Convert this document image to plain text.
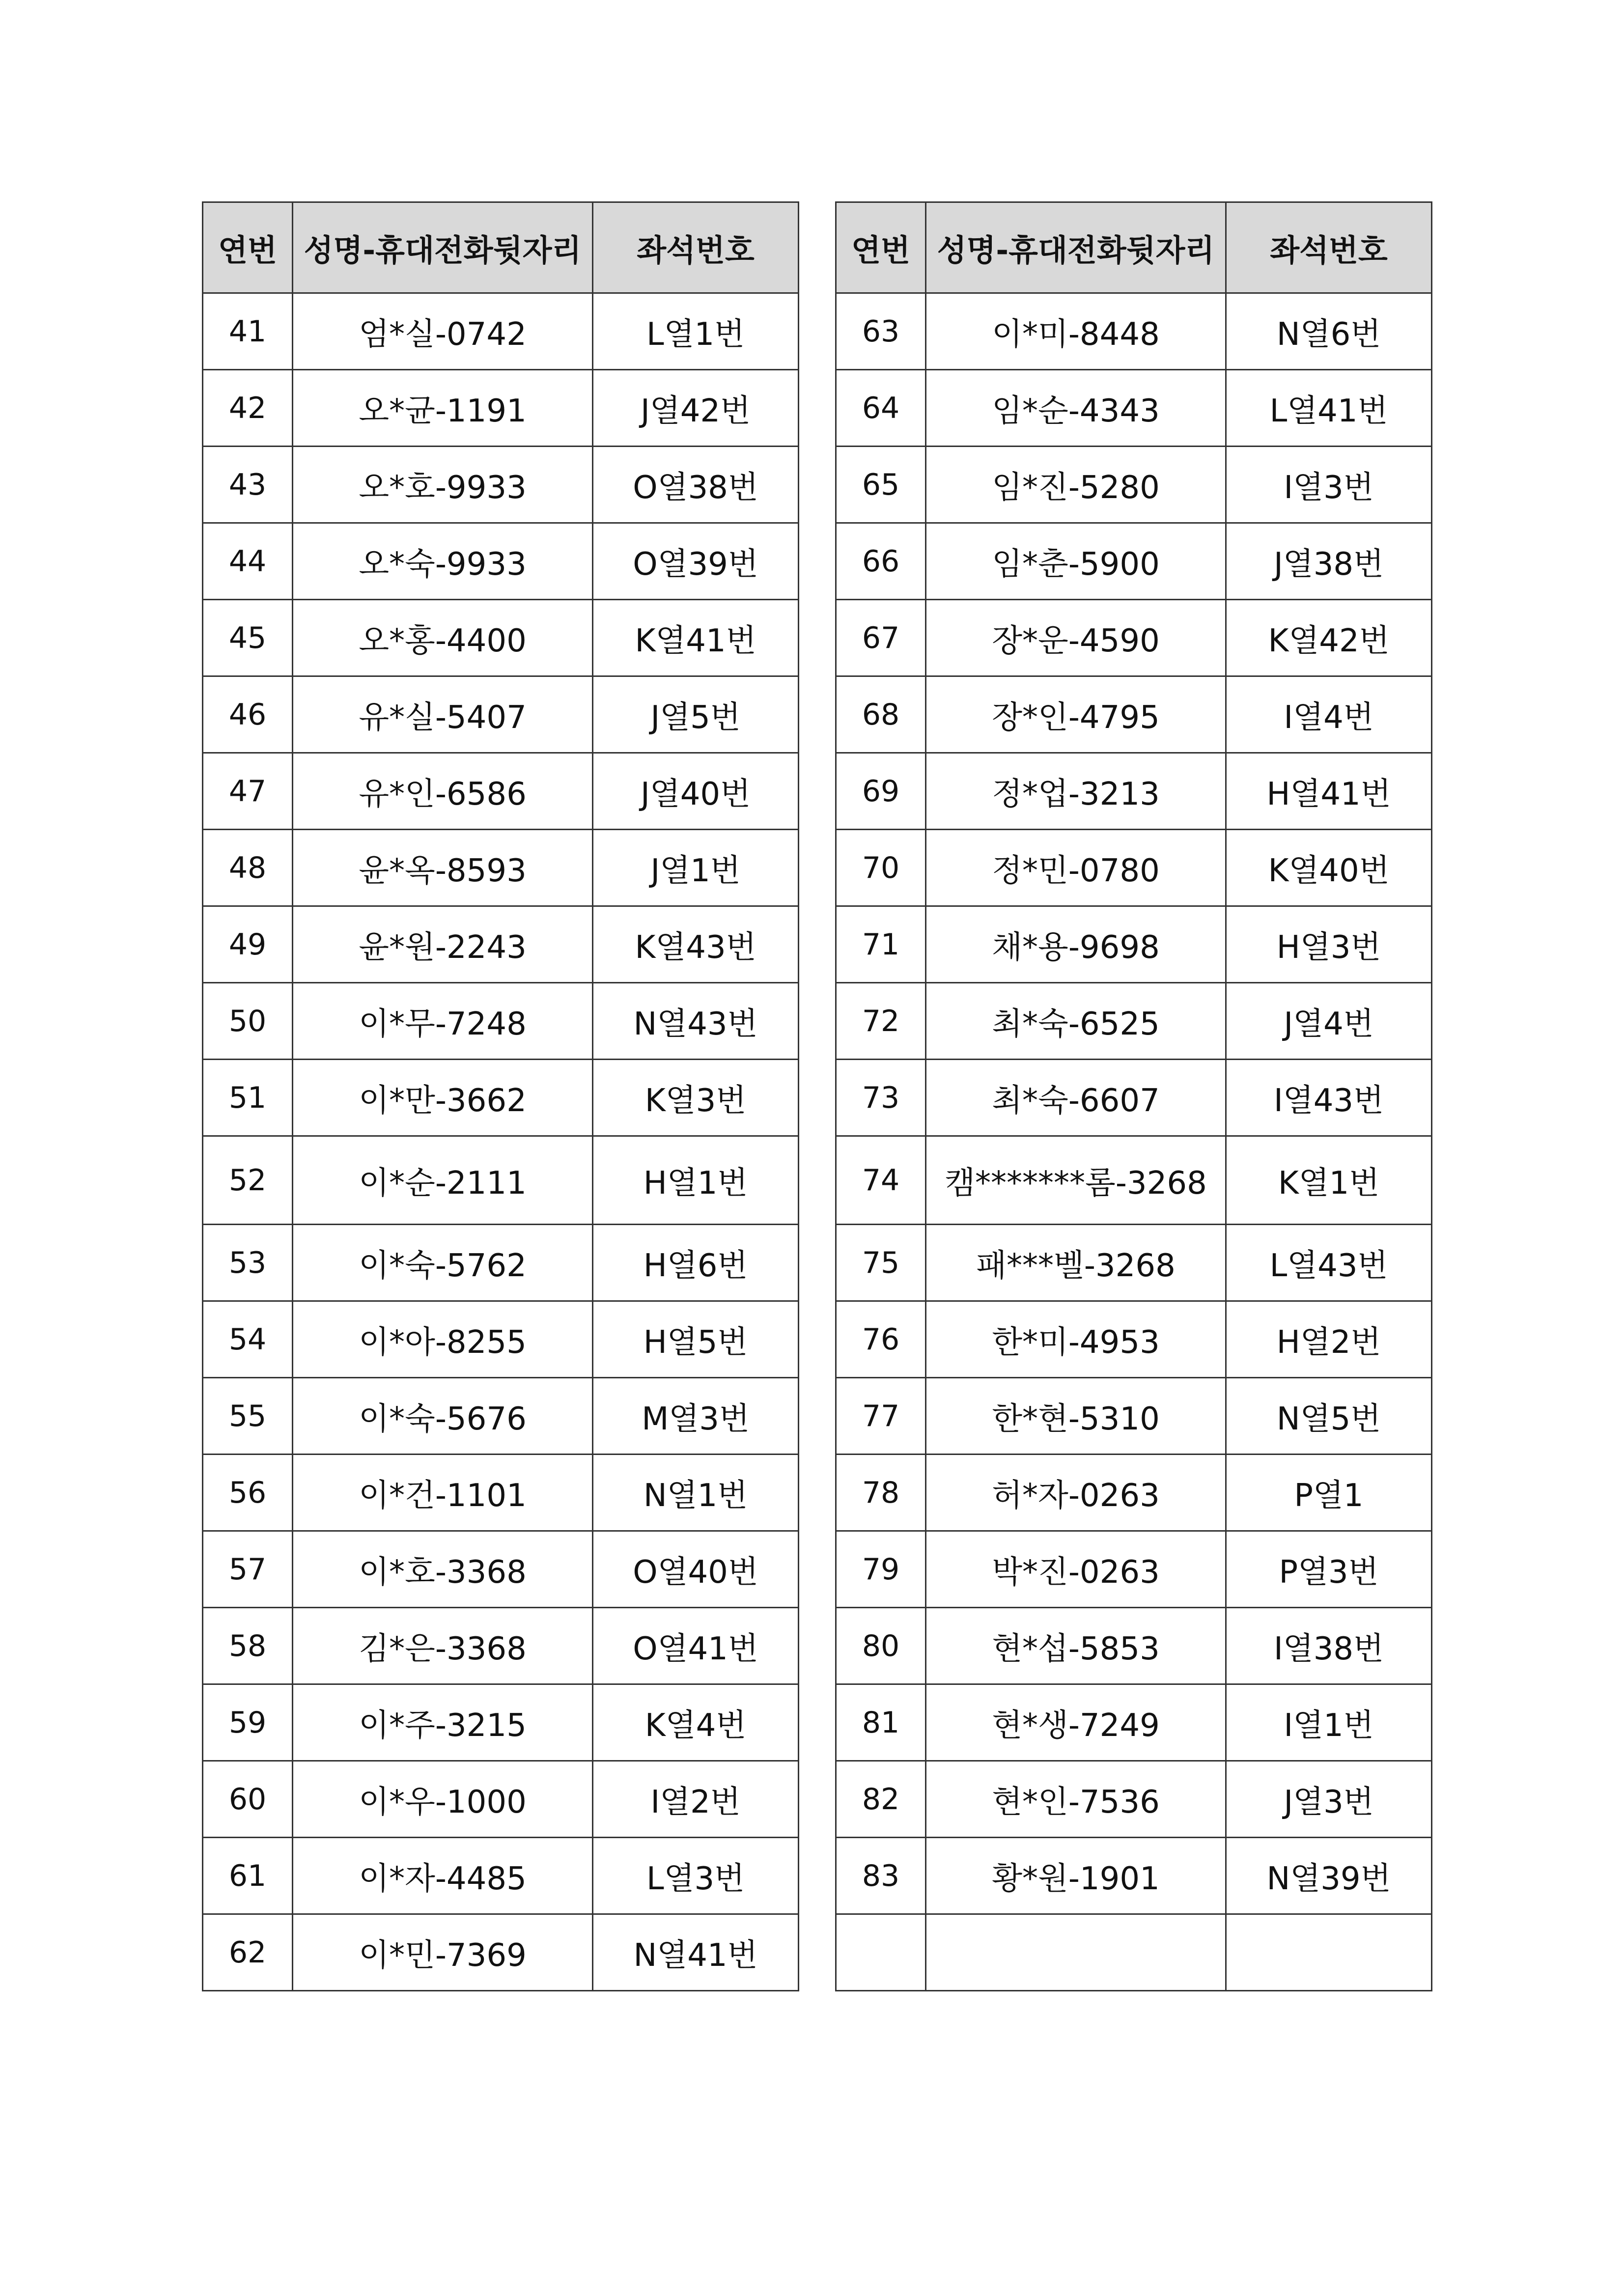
연번	성명-휴대전화뒷자리	좌석번호	
41	엄*실-0742	L열1번	
42	오*균-1191	J열42번	
43	오*호-9933	O열38번	
44	오*숙-9933	O열39번	
45	오*홍-4400	K열41번	
46	유*실-5407	J열5번	
47	유*인-6586	J열40번	
48	윤*옥-8593	J열1번	
49	윤*원-2243	K열43번	
50	이*무-7248	N열43번	
51	이*만-3662	K열3번	
52	이*순-2111	H열1번	
53	이*숙-5762	H열6번	
54	이*아-8255	H열5번	
55	이*숙-5676	M열3번	
56	이*건-1101	N열1번	
57	이*호-3368	O열40번	
58	김*은-3368	O열41번	
59	이*주-3215	K열4번	
60	이*우-1000	I열2번	
61	이*자-4485	L열3번	
62	이*민-7369	N열41번	
연번	성명-휴대전화뒷자리	좌석번호
63	이*미-8448	N열6번
64	임*순-4343	L열41번
65	임*진-5280	I열3번
66	임*춘-5900	J열38번
67	장*운-4590	K열42번
68	장*인-4795	I열4번
69	정*업-3213	H열41번
70	정*민-0780	K열40번
71	채*용-9698	H열3번
72	최*숙-6525	J열4번
73	최*숙-6607	I열43번
74	캠*******롬-3268	K열1번
75	패***벨-3268	L열43번
76	한*미-4953	H열2번
77	한*현-5310	N열5번
78	허*자-0263	P열1
79	박*진-0263	P열3번
80	현*섭-5853	I열38번
81	현*생-7249	I열1번
82	현*인-7536	J열3번
83	황*원-1901	N열39번
